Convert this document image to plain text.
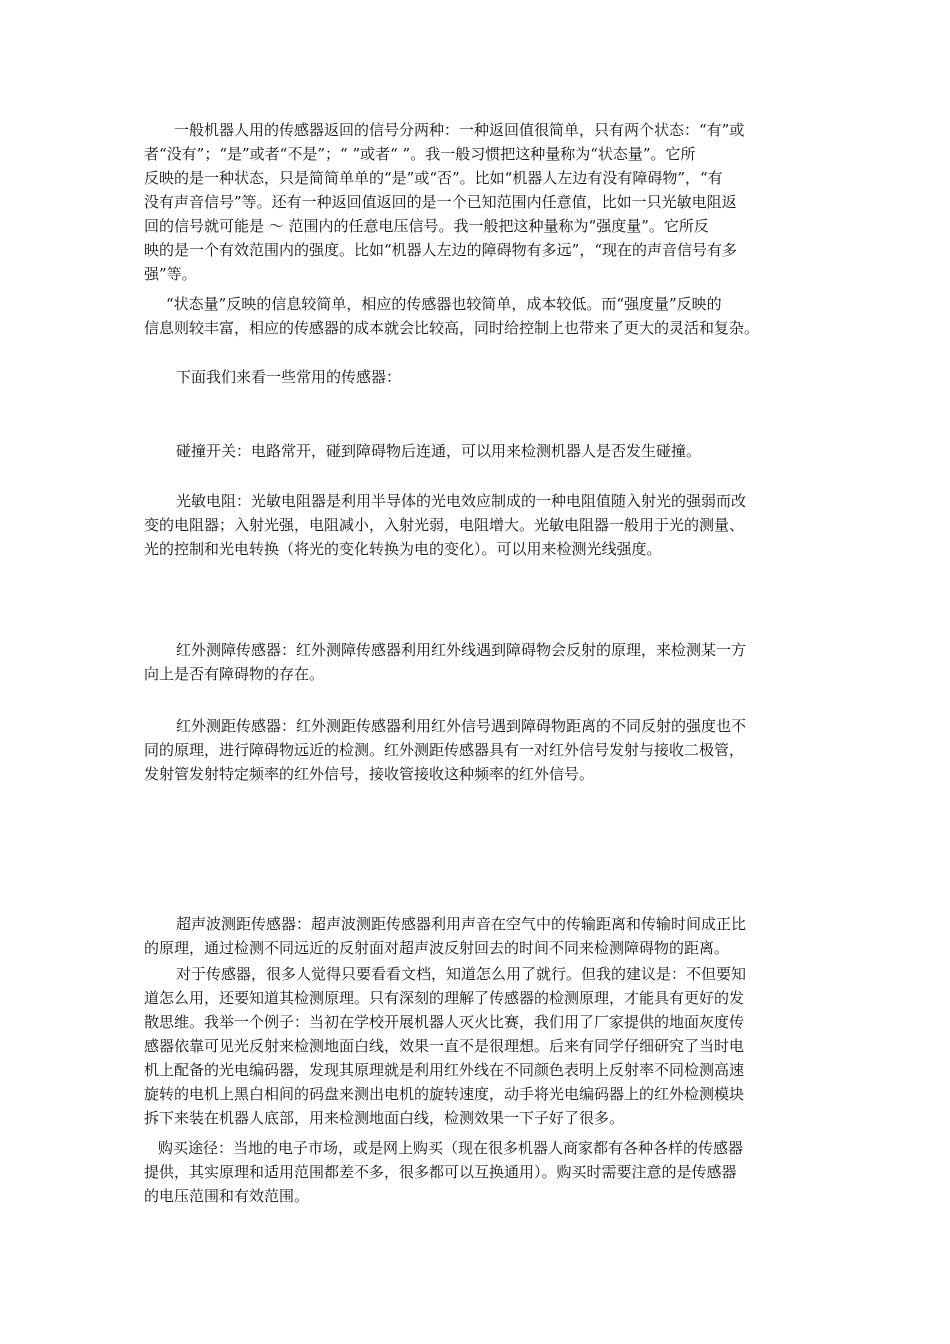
一般机器人用的传感器返回的信号分两种：一种返回值很简单，只有两个状态：“有”或
者“没有”；“是”或者“不是”；“ ”或者“ ”。我一般习惯把这种量称为“状态量”。它所
反映的是一种状态，只是简简单单的“是”或“否”。比如“机器人左边有没有障碍物”，“有
没有声音信号”等。还有一种返回值返回的是一个已知范围内任意值，比如一只光敏电阻返
回的信号就可能是 ～ 范围内的任意电压信号。我一般把这种量称为“强度量”。它所反
映的是一个有效范围内的强度。比如“机器人左边的障碍物有多远”，“现在的声音信号有多
强”等。
“状态量”反映的信息较简单，相应的传感器也较简单，成本较低。而“强度量”反映的
信息则较丰富，相应的传感器的成本就会比较高，同时给控制上也带来了更大的灵活和复杂。
下面我们来看一些常用的传感器：
碰撞开关：电路常开，碰到障碍物后连通，可以用来检测机器人是否发生碰撞。
光敏电阻：光敏电阻器是利用半导体的光电效应制成的一种电阻值随入射光的强弱而改
变的电阻器；入射光强，电阻减小，入射光弱，电阻增大。光敏电阻器一般用于光的测量、
光的控制和光电转换（将光的变化转换为电的变化）。可以用来检测光线强度。
红外测障传感器：红外测障传感器利用红外线遇到障碍物会反射的原理，来检测某一方
向上是否有障碍物的存在。
红外测距传感器：红外测距传感器利用红外信号遇到障碍物距离的不同反射的强度也不
同的原理，进行障碍物远近的检测。红外测距传感器具有一对红外信号发射与接收二极管，
发射管发射特定频率的红外信号，接收管接收这种频率的红外信号。
超声波测距传感器：超声波测距传感器利用声音在空气中的传输距离和传输时间成正比
的原理，通过检测不同远近的反射面对超声波反射回去的时间不同来检测障碍物的距离。
对于传感器，很多人觉得只要看看文档，知道怎么用了就行。但我的建议是：不但要知
道怎么用，还要知道其检测原理。只有深刻的理解了传感器的检测原理，才能具有更好的发
散思维。我举一个例子：当初在学校开展机器人灭火比赛，我们用了厂家提供的地面灰度传
感器依靠可见光反射来检测地面白线，效果一直不是很理想。后来有同学仔细研究了当时电
机上配备的光电编码器，发现其原理就是利用红外线在不同颜色表明上反射率不同检测高速
旋转的电机上黑白相间的码盘来测出电机的旋转速度，动手将光电编码器上的红外检测模块
拆下来装在机器人底部，用来检测地面白线，检测效果一下子好了很多。
购买途径：当地的电子市场，或是网上购买（现在很多机器人商家都有各种各样的传感器
提供，其实原理和适用范围都差不多，很多都可以互换通用）。购买时需要注意的是传感器
的电压范围和有效范围。
